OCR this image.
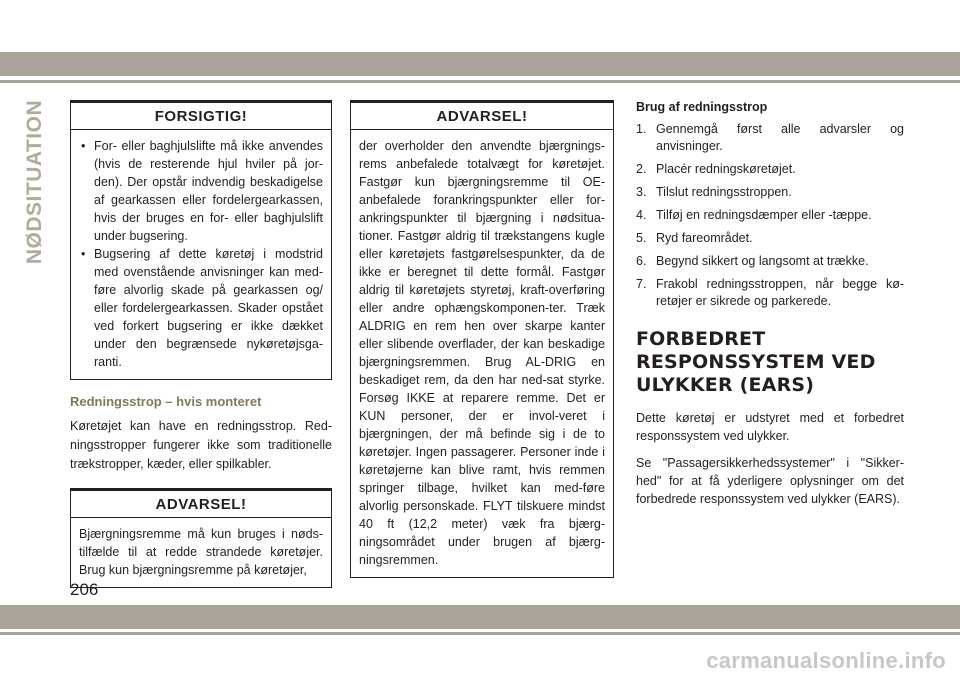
NØDSITUATION	FORSIGTIG!
• For- eller baghjulslifte må ikke anvendes (hvis de resterende hjul hviler på jor-den). Der opstår indvendig beskadigelse af gearkassen eller fordelergearkassen, hvis der bruges en for- eller baghjulslift under bugsering.
• Bugsering af dette køretøj i modstrid med ovenstående anvisninger kan med-føre alvorlig skade på gearkassen og/ eller fordelergearkassen. Skader opstået ved forkert bugsering er ikke dækket under den begrænsede nykøretøjsga-ranti.
Redningsstrop – hvis monteret

Køretøjet kan have en redningsstrop. Red-ningsstropper fungerer ikke som traditionelle trækstropper, kæder, eller spilkabler.

ADVARSEL!
Bjærgningsremme må kun bruges i nøds-tilfælde til at redde strandede køretøjer. Brug kun bjærgningsremme på køretøjer,
ADVARSEL!
der overholder den anvendte bjærgnings-rems anbefalede totalvægt for køretøjet. Fastgør kun bjærgningsremme til OE-anbefalede forankringspunkter eller for-ankringspunkter til bjærgning i nødsitua-tioner. Fastgør aldrig til trækstangens kugle eller køretøjets fastgørelsespunkter, da de ikke er beregnet til dette formål. Fastgør aldrig til køretøjets styretøj, kraft-overføring eller andre ophængskomponen-ter. Træk ALDRIG en rem hen over skarpe kanter eller slibende overflader, der kan beskadige bjærgningsremmen. Brug AL-DRIG en beskadiget rem, da den har ned-sat styrke. Forsøg IKKE at reparere remme. Det er KUN personer, der er invol-veret i bjærgningen, der må befinde sig i de to køretøjer. Ingen passagerer. Personer inde i køretøjerne kan blive ramt, hvis remmen springer tilbage, hvilket kan med-føre alvorlig personskade. FLYT tilskuere mindst 40 ft (12,2 meter) væk fra bjærg-ningsområdet under brugen af bjærg-ningsremmen.
Brug af redningsstrop
1. Gennemgå først alle advarsler og anvisninger.
2. Placér redningskøretøjet.
3. Tilslut redningsstroppen.
4. Tilføj en redningsdæmper eller -tæppe.
5. Ryd fareområdet.
6. Begynd sikkert og langsomt at trække.
7. Frakobl redningsstroppen, når begge kø-retøjer er sikrede og parkerede.
FORBEDRET RESPONSSYSTEM VED ULYKKER (EARS)

Dette køretøj er udstyret med et forbedret responssystem ved ulykker.

Se "Passagersikkerhedssystemer" i "Sikker-hed" for at få yderligere oplysninger om det forbedrede responssystem ved ulykker (EARS).

206
carmanualsonline.info
